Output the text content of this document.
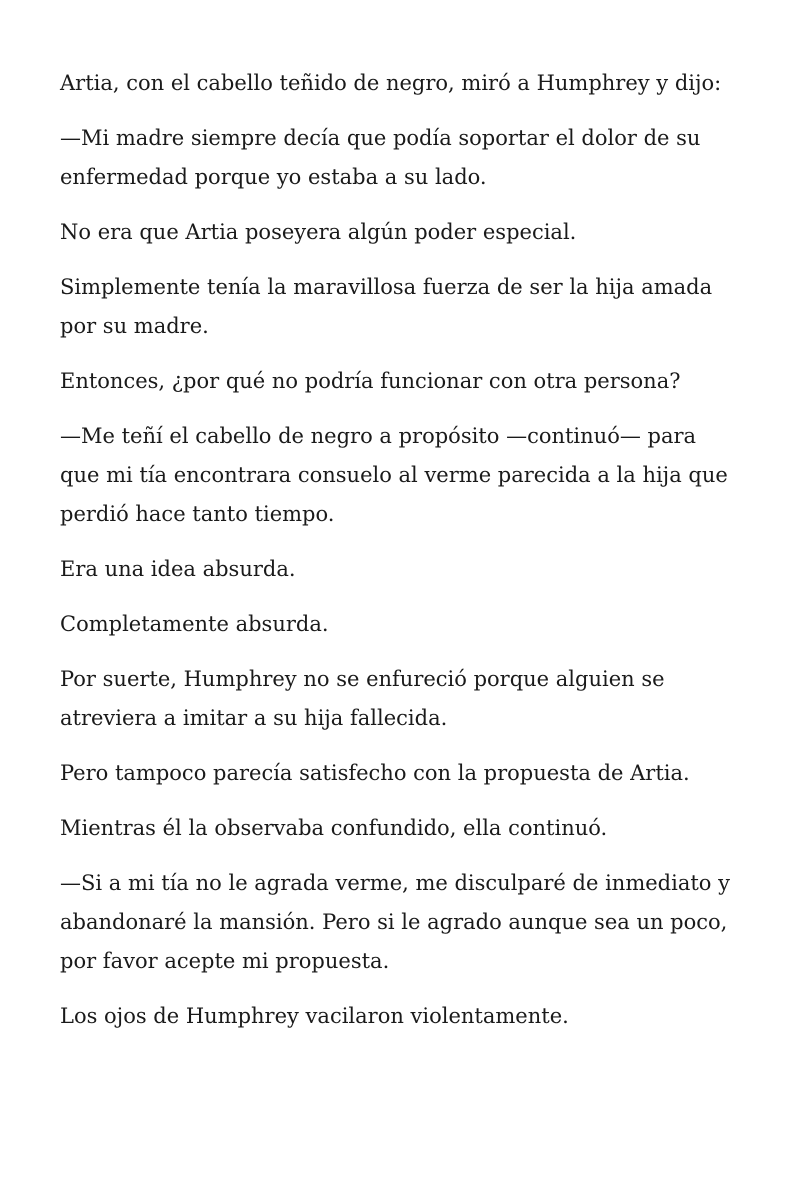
Artia, con el cabello teñido de negro, miró a Humphrey y dijo:

—Mi madre siempre decía que podía soportar el dolor de su enfermedad porque yo estaba a su lado.

No era que Artia poseyera algún poder especial.

Simplemente tenía la maravillosa fuerza de ser la hija amada por su madre.

Entonces, ¿por qué no podría funcionar con otra persona?

—Me teñí el cabello de negro a propósito —continuó— para que mi tía encontrara consuelo al verme parecida a la hija que perdió hace tanto tiempo.

Era una idea absurda.

Completamente absurda.

Por suerte, Humphrey no se enfureció porque alguien se atreviera a imitar a su hija fallecida.

Pero tampoco parecía satisfecho con la propuesta de Artia.

Mientras él la observaba confundido, ella continuó.

—Si a mi tía no le agrada verme, me disculparé de inmediato y abandonaré la mansión. Pero si le agrado aunque sea un poco, por favor acepte mi propuesta.

Los ojos de Humphrey vacilaron violentamente.
